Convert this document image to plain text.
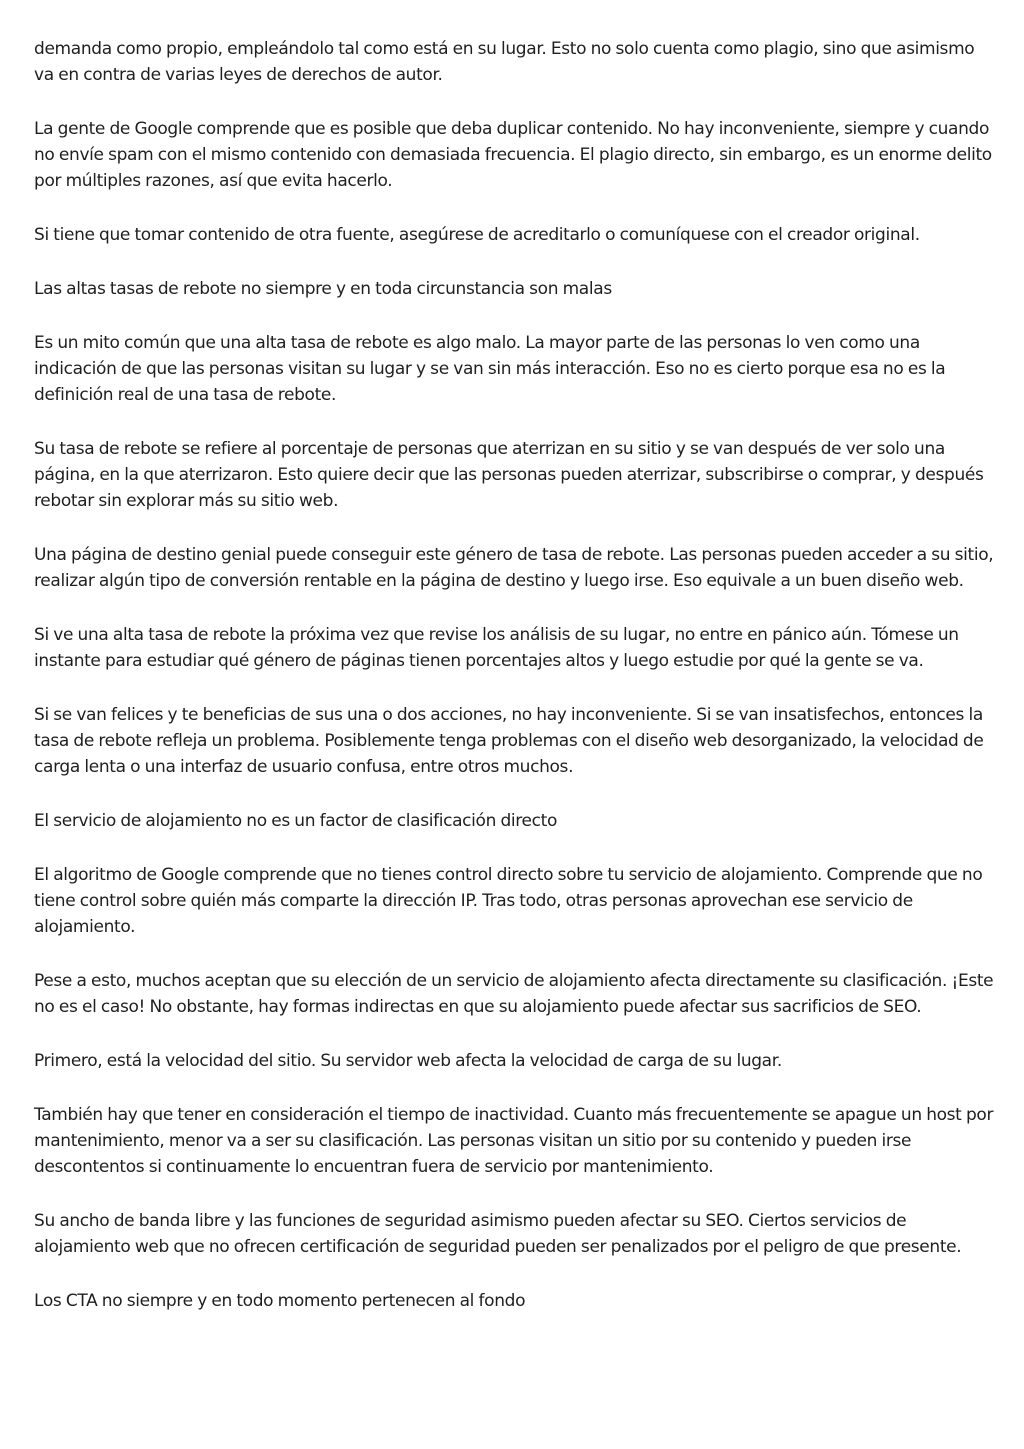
demanda como propio, empleándolo tal como está en su lugar. Esto no solo cuenta como plagio, sino que asimismo va en contra de varias leyes de derechos de autor.

La gente de Google comprende que es posible que deba duplicar contenido. No hay inconveniente, siempre y cuando no envíe spam con el mismo contenido con demasiada frecuencia. El plagio directo, sin embargo, es un enorme delito por múltiples razones, así que evita hacerlo.

Si tiene que tomar contenido de otra fuente, asegúrese de acreditarlo o comuníquese con el creador original.

Las altas tasas de rebote no siempre y en toda circunstancia son malas

Es un mito común que una alta tasa de rebote es algo malo. La mayor parte de las personas lo ven como una indicación de que las personas visitan su lugar y se van sin más interacción. Eso no es cierto porque esa no es la definición real de una tasa de rebote.

Su tasa de rebote se refiere al porcentaje de personas que aterrizan en su sitio y se van después de ver solo una página, en la que aterrizaron. Esto quiere decir que las personas pueden aterrizar, subscribirse o comprar, y después rebotar sin explorar más su sitio web.

Una página de destino genial puede conseguir este género de tasa de rebote. Las personas pueden acceder a su sitio, realizar algún tipo de conversión rentable en la página de destino y luego irse. Eso equivale a un buen diseño web.

Si ve una alta tasa de rebote la próxima vez que revise los análisis de su lugar, no entre en pánico aún. Tómese un instante para estudiar qué género de páginas tienen porcentajes altos y luego estudie por qué la gente se va.

Si se van felices y te beneficias de sus una o dos acciones, no hay inconveniente. Si se van insatisfechos, entonces la tasa de rebote refleja un problema. Posiblemente tenga problemas con el diseño web desorganizado, la velocidad de carga lenta o una interfaz de usuario confusa, entre otros muchos.

El servicio de alojamiento no es un factor de clasificación directo

El algoritmo de Google comprende que no tienes control directo sobre tu servicio de alojamiento. Comprende que no tiene control sobre quién más comparte la dirección IP. Tras todo, otras personas aprovechan ese servicio de alojamiento.

Pese a esto, muchos aceptan que su elección de un servicio de alojamiento afecta directamente su clasificación. ¡Este no es el caso! No obstante, hay formas indirectas en que su alojamiento puede afectar sus sacrificios de SEO.

Primero, está la velocidad del sitio. Su servidor web afecta la velocidad de carga de su lugar.

También hay que tener en consideración el tiempo de inactividad. Cuanto más frecuentemente se apague un host por mantenimiento, menor va a ser su clasificación. Las personas visitan un sitio por su contenido y pueden irse descontentos si continuamente lo encuentran fuera de servicio por mantenimiento.

Su ancho de banda libre y las funciones de seguridad asimismo pueden afectar su SEO. Ciertos servicios de alojamiento web que no ofrecen certificación de seguridad pueden ser penalizados por el peligro de que presente.

Los CTA no siempre y en todo momento pertenecen al fondo
